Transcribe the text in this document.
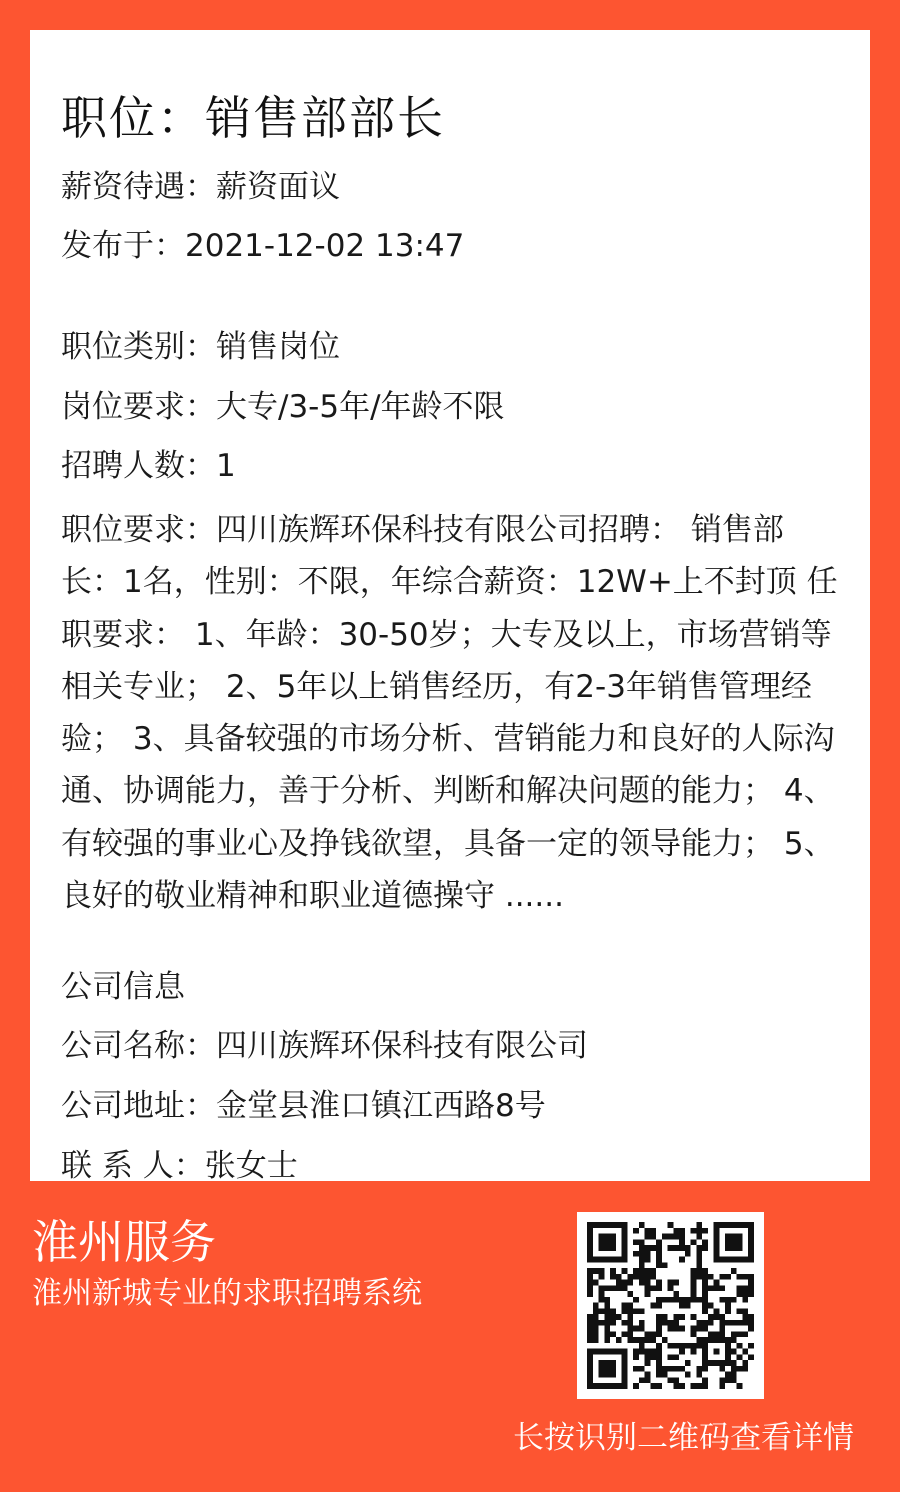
职位：销售部部长
薪资待遇：薪资面议
发布于：2021-12-02 13:47
职位类别：销售岗位
岗位要求：大专/3-5年/年龄不限
招聘人数：1
职位要求：四川族辉环保科技有限公司招聘： 销售部长：1名，性别：不限，年综合薪资：12W+上不封顶 任职要求： 1、年龄：30-50岁；大专及以上，市场营销等相关专业； 2、5年以上销售经历，有2-3年销售管理经验； 3、具备较强的市场分析、营销能力和良好的人际沟通、协调能力，善于分析、判断和解决问题的能力； 4、有较强的事业心及挣钱欲望，具备一定的领导能力； 5、良好的敬业精神和职业道德操守 ......
公司信息
公司名称：四川族辉环保科技有限公司
公司地址：金堂县淮口镇江西路8号
联 系 人：张女士
淮州服务
淮州新城专业的求职招聘系统
长按识别二维码查看详情
